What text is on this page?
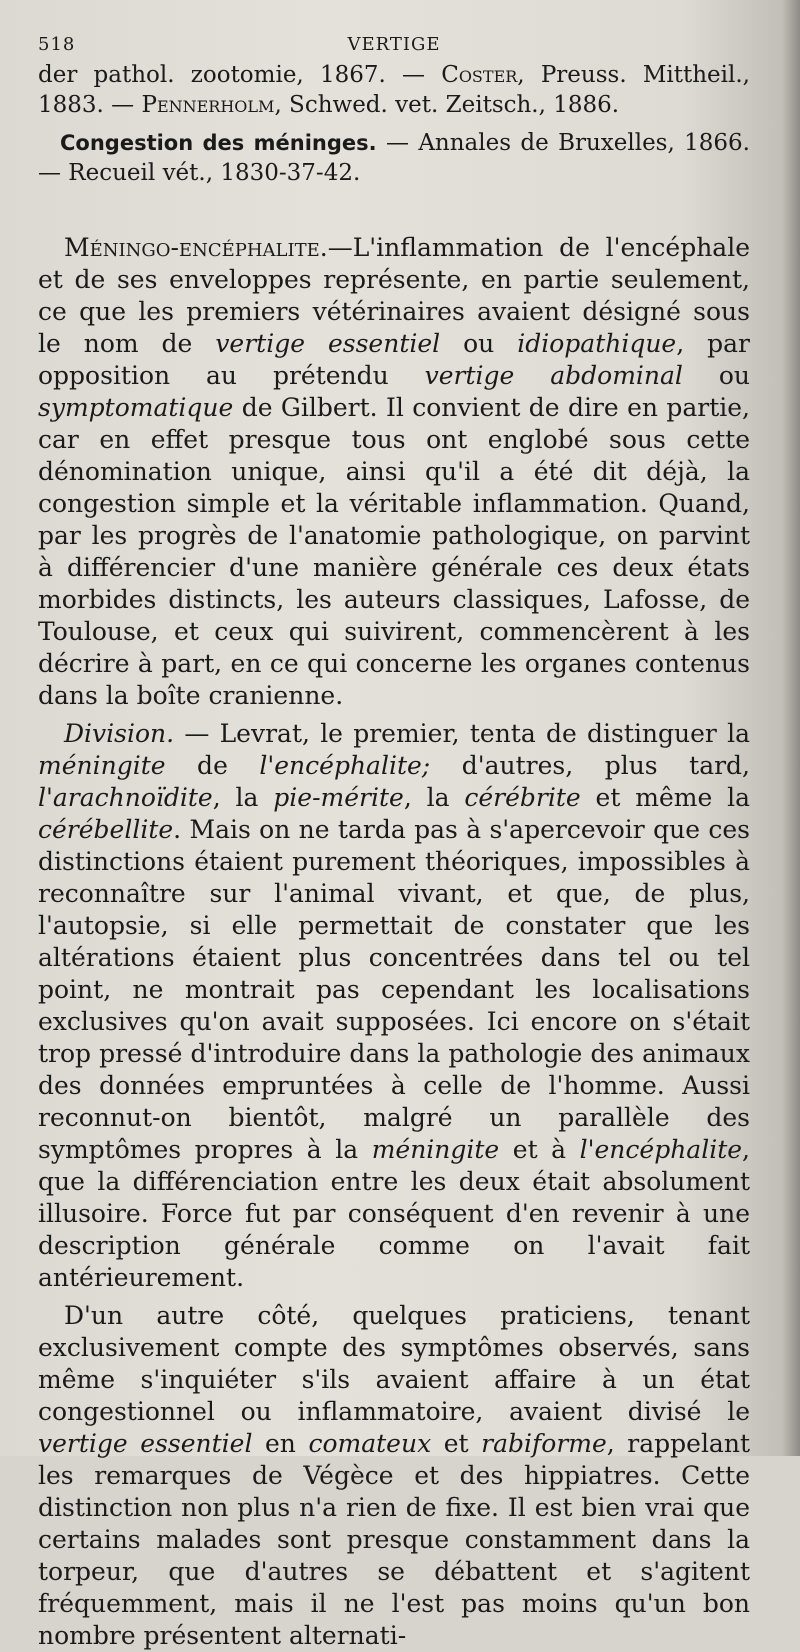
518	VERTIGE

der pathol. zootomie, 1867. — Coster, Preuss. Mittheil., 1883. — Pennerholm, Schwed. vet. Zeitsch., 1886.

Congestion des méninges. — Annales de Bruxelles, 1866. — Recueil vét., 1830-37-42.

Méningo-encéphalite.—L'inflammation de l'encéphale et de ses enveloppes représente, en partie seulement, ce que les premiers vétérinaires avaient désigné sous le nom de vertige essentiel ou idiopathique, par opposition au prétendu vertige abdominal ou symptomatique de Gilbert. Il convient de dire en partie, car en effet presque tous ont englobé sous cette dénomination unique, ainsi qu'il a été dit déjà, la congestion simple et la véritable inflammation. Quand, par les progrès de l'anatomie pathologique, on parvint à différencier d'une manière générale ces deux états morbides distincts, les auteurs classiques, Lafosse, de Toulouse, et ceux qui suivirent, commencèrent à les décrire à part, en ce qui concerne les organes contenus dans la boîte cranienne.

Division. — Levrat, le premier, tenta de distinguer la méningite de l'encéphalite; d'autres, plus tard, l'arachnoïdite, la pie-mérite, la cérébrite et même la cérébellite. Mais on ne tarda pas à s'apercevoir que ces distinctions étaient purement théoriques, impossibles à reconnaître sur l'animal vivant, et que, de plus, l'autopsie, si elle permettait de constater que les altérations étaient plus concentrées dans tel ou tel point, ne montrait pas cependant les localisations exclusives qu'on avait supposées. Ici encore on s'était trop pressé d'introduire dans la pathologie des animaux des données empruntées à celle de l'homme. Aussi reconnut-on bientôt, malgré un parallèle des symptômes propres à la méningite et à l'encéphalite, que la différenciation entre les deux était absolument illusoire. Force fut par conséquent d'en revenir à une description générale comme on l'avait fait antérieurement.

D'un autre côté, quelques praticiens, tenant exclusivement compte des symptômes observés, sans même s'inquiéter s'ils avaient affaire à un état congestionnel ou inflammatoire, avaient divisé le vertige essentiel en comateux et rabiforme, rappelant les remarques de Végèce et des hippiatres. Cette distinction non plus n'a rien de fixe. Il est bien vrai que certains malades sont presque constamment dans la torpeur, que d'autres se débattent et s'agitent fréquemment, mais il ne l'est pas moins qu'un bon nombre présentent alternati-
